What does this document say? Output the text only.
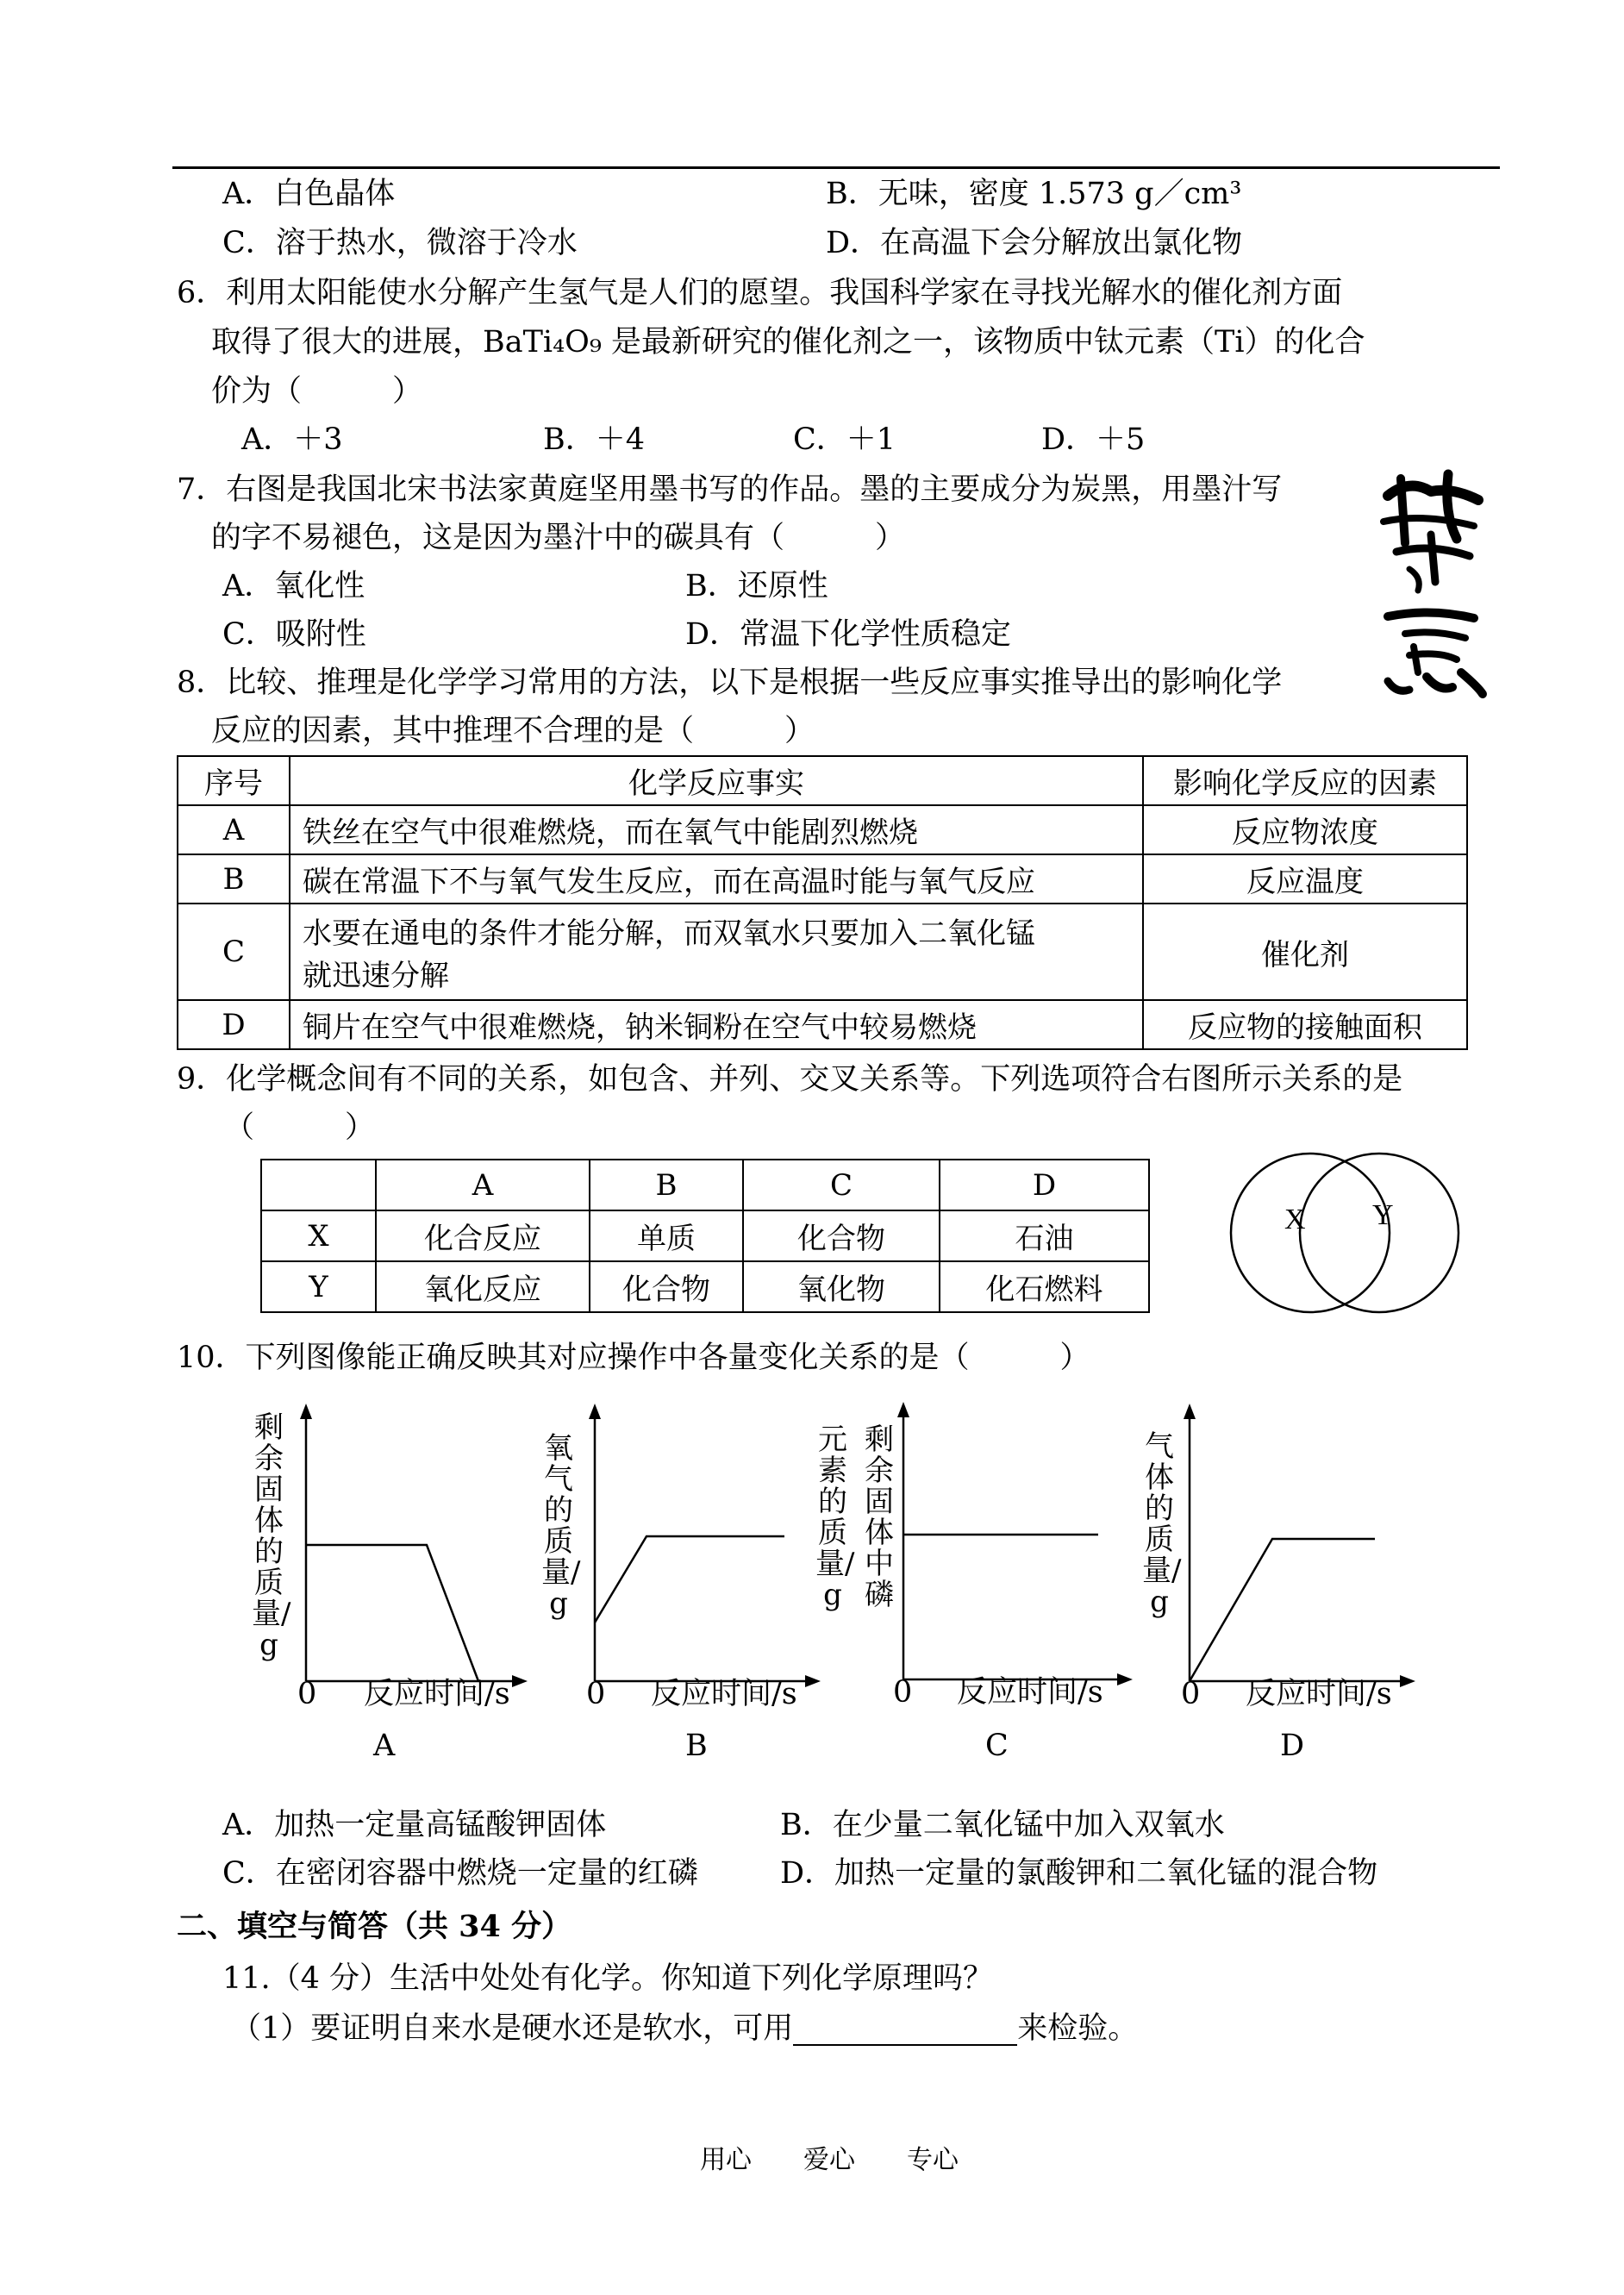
A．白色晶体	B．无味，密度 1.573 g／cm³
C．溶于热水，微溶于冷水	D．在高温下会分解放出氯化物
6．利用太阳能使水分解产生氢气是人们的愿望。我国科学家在寻找光解水的催化剂方面
取得了很大的进展，BaTi₄O₉ 是最新研究的催化剂之一，该物质中钛元素（Ti）的化合
价为（　　　）
A．＋3	B．＋4	C．＋1	D．＋5
7．右图是我国北宋书法家黄庭坚用墨书写的作品。墨的主要成分为炭黑，用墨汁写
的字不易褪色，这是因为墨汁中的碳具有（　　　）
A．氧化性	B．还原性
C．吸附性	D．常温下化学性质稳定
8．比较、推理是化学学习常用的方法，以下是根据一些反应事实推导出的影响化学
反应的因素，其中推理不合理的是（　　　）
序号	化学反应事实	影响化学反应的因素
A	铁丝在空气中很难燃烧，而在氧气中能剧烈燃烧	反应物浓度
B	碳在常温下不与氧气发生反应，而在高温时能与氧气反应	反应温度
C	水要在通电的条件才能分解，而双氧水只要加入二氧化锰
就迅速分解	催化剂
D	铜片在空气中很难燃烧，钠米铜粉在空气中较易燃烧	反应物的接触面积
9．化学概念间有不同的关系，如包含、并列、交叉关系等。下列选项符合右图所示关系的是
（　　　）
	A	B	C	D
X	化合反应	单质	化合物	石油
Y	氧化反应	化合物	氧化物	化石燃料
X Y
10．下列图像能正确反映其对应操作中各量变化关系的是（　　　）
剩余固体的质量/g
0 反应时间/s
A
氧气的质量/g
0 反应时间/s
B
元素的质量/g
剩余固体中磷
0 反应时间/s
C
气体的质量/g
0 反应时间/s
D
A．加热一定量高锰酸钾固体	B．在少量二氧化锰中加入双氧水
C．在密闭容器中燃烧一定量的红磷	D．加热一定量的氯酸钾和二氧化锰的混合物
二、填空与简答（共 34 分）
11.（4 分）生活中处处有化学。你知道下列化学原理吗？
（1）要证明自来水是硬水还是软水，可用	来检验。
用心　　爱心　　专心
